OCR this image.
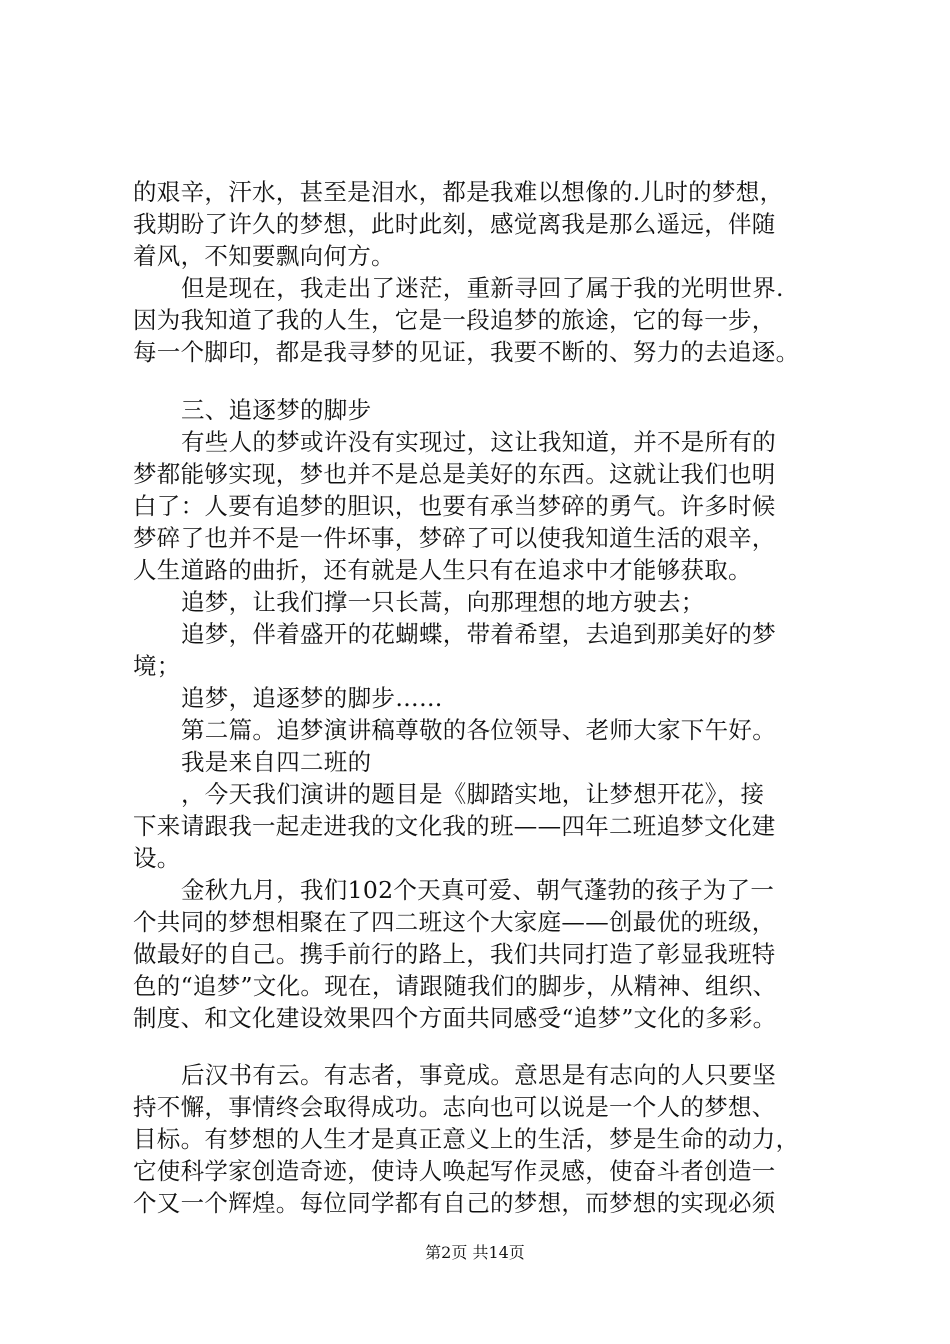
的艰辛，汗水，甚至是泪水，都是我难以想像的.儿时的梦想，
我期盼了许久的梦想，此时此刻，感觉离我是那么遥远，伴随
着风，不知要飘向何方。
但是现在，我走出了迷茫，重新寻回了属于我的光明世界.
因为我知道了我的人生，它是一段追梦的旅途，它的每一步，
每一个脚印，都是我寻梦的见证，我要不断的、努力的去追逐。
三、追逐梦的脚步
有些人的梦或许没有实现过，这让我知道，并不是所有的
梦都能够实现，梦也并不是总是美好的东西。这就让我们也明
白了：人要有追梦的胆识，也要有承当梦碎的勇气。许多时候
梦碎了也并不是一件坏事，梦碎了可以使我知道生活的艰辛，
人生道路的曲折，还有就是人生只有在追求中才能够获取。
追梦，让我们撑一只长蒿，向那理想的地方驶去；
追梦，伴着盛开的花蝴蝶，带着希望，去追到那美好的梦
境；
追梦，追逐梦的脚步……
第二篇。追梦演讲稿尊敬的各位领导、老师大家下午好。
我是来自四二班的
，今天我们演讲的题目是《脚踏实地，让梦想开花》，接
下来请跟我一起走进我的文化我的班——四年二班追梦文化建
设。
金秋九月，我们102个天真可爱、朝气蓬勃的孩子为了一
个共同的梦想相聚在了四二班这个大家庭——创最优的班级，
做最好的自己。携手前行的路上，我们共同打造了彰显我班特
色的“追梦”文化。现在，请跟随我们的脚步，从精神、组织、
制度、和文化建设效果四个方面共同感受“追梦”文化的多彩。
后汉书有云。有志者，事竟成。意思是有志向的人只要坚
持不懈，事情终会取得成功。志向也可以说是一个人的梦想、
目标。有梦想的人生才是真正意义上的生活，梦是生命的动力，
它使科学家创造奇迹，使诗人唤起写作灵感，使奋斗者创造一
个又一个辉煌。每位同学都有自己的梦想，而梦想的实现必须
第2页 共14页
